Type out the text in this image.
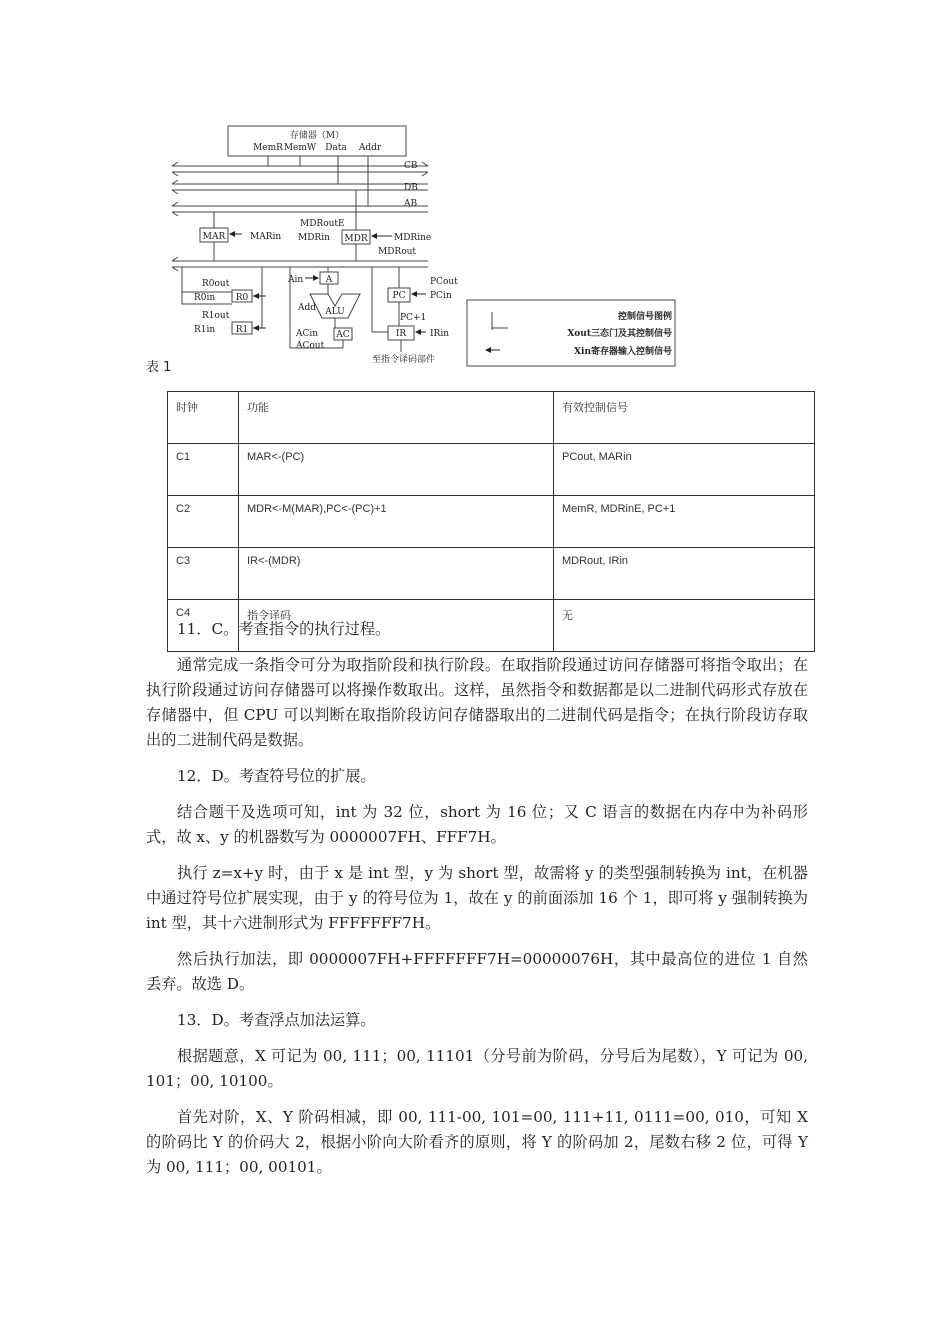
存储器（M）
MemR MemW Data Addr
CB
DB
AB
MAR	MARin
MDRoutE
MDRin MDR	MDRine
MDRout
R0out
R0in R0
R1out
R1in R1
Ain	A
Add ALU
ACin AC
ACout
PCout
PC	PCin
PC+1
IR	IRin
至指令译码部件
控制信号图例
Xout三态门及其控制信号
Xin寄存器输入控制信号
表 1
时钟	功能	有效控制信号
C1	MAR<-(PC)	PCout, MARin
C2	MDR<-M(MAR),PC<-(PC)+1	MemR, MDRinE, PC+1
C3	IR<-(MDR)	MDRout, IRin
C4	指令译码	无

11．C。考查指令的执行过程。

通常完成一条指令可分为取指阶段和执行阶段。在取指阶段通过访问存储器可将指令取出；在执行阶段通过访问存储器可以将操作数取出。这样，虽然指令和数据都是以二进制代码形式存放在存储器中，但 CPU 可以判断在取指阶段访问存储器取出的二进制代码是指令；在执行阶段访存取出的二进制代码是数据。

12．D。考查符号位的扩展。

结合题干及选项可知，int 为 32 位，short 为 16 位；又 C 语言的数据在内存中为补码形式，故 x、y 的机器数写为 0000007FH、FFF7H。

执行 z=x+y 时，由于 x 是 int 型，y 为 short 型，故需将 y 的类型强制转换为 int，在机器中通过符号位扩展实现，由于 y 的符号位为 1，故在 y 的前面添加 16 个 1，即可将 y 强制转换为 int 型，其十六进制形式为 FFFFFFF7H。

然后执行加法，即 0000007FH+FFFFFFF7H=00000076H，其中最高位的进位 1 自然丢弃。故选 D。

13．D。考查浮点加法运算。

根据题意，X 可记为 00, 111；00, 11101（分号前为阶码，分号后为尾数），Y 可记为 00, 101；00, 10100。

首先对阶，X、Y 阶码相减，即 00, 111-00, 101=00, 111+11, 0111=00, 010，可知 X 的阶码比 Y 的价码大 2，根据小阶向大阶看齐的原则，将 Y 的阶码加 2，尾数右移 2 位，可得 Y 为 00, 111；00, 00101。
